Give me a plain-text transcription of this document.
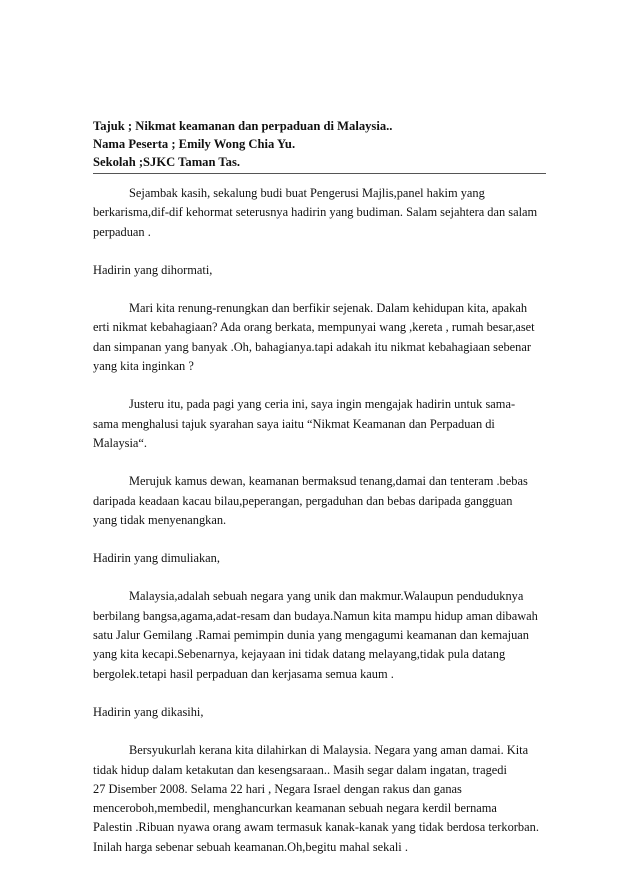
Tajuk ; Nikmat keamanan dan perpaduan di Malaysia..
Nama Peserta ; Emily Wong Chia Yu.
Sekolah ;SJKC Taman Tas.
Sejambak kasih, sekalung budi buat Pengerusi Majlis,panel hakim yang
berkarisma,dif-dif kehormat seterusnya hadirin yang budiman. Salam sejahtera dan salam
perpaduan .
Hadirin yang dihormati,
Mari kita renung-renungkan dan berfikir sejenak. Dalam kehidupan kita, apakah
erti nikmat kebahagiaan? Ada orang berkata, mempunyai wang ,kereta , rumah besar,aset
dan simpanan yang banyak .Oh, bahagianya.tapi adakah itu nikmat kebahagiaan sebenar
yang kita inginkan ?
Justeru itu, pada pagi yang ceria ini, saya ingin mengajak hadirin untuk sama-
sama menghalusi tajuk syarahan saya iaitu “Nikmat Keamanan dan Perpaduan di
Malaysia“.
Merujuk kamus dewan, keamanan bermaksud tenang,damai dan tenteram .bebas
daripada keadaan kacau bilau,peperangan, pergaduhan dan bebas daripada gangguan
yang tidak menyenangkan.
Hadirin yang dimuliakan,
Malaysia,adalah sebuah negara yang unik dan makmur.Walaupun penduduknya
berbilang bangsa,agama,adat-resam dan budaya.Namun kita mampu hidup aman dibawah
satu Jalur Gemilang .Ramai pemimpin dunia yang mengagumi keamanan dan kemajuan
yang kita kecapi.Sebenarnya, kejayaan ini tidak datang melayang,tidak pula datang
bergolek.tetapi hasil perpaduan dan kerjasama semua kaum .
Hadirin yang dikasihi,
Bersyukurlah kerana kita dilahirkan di Malaysia. Negara yang aman damai. Kita
tidak hidup dalam ketakutan dan kesengsaraan.. Masih segar dalam ingatan, tragedi
27 Disember 2008. Selama 22 hari , Negara Israel dengan rakus dan ganas
menceroboh,membedil, menghancurkan keamanan sebuah negara kerdil bernama
Palestin .Ribuan nyawa orang awam termasuk kanak-kanak yang tidak berdosa terkorban.
Inilah harga sebenar sebuah keamanan.Oh,begitu mahal sekali .
